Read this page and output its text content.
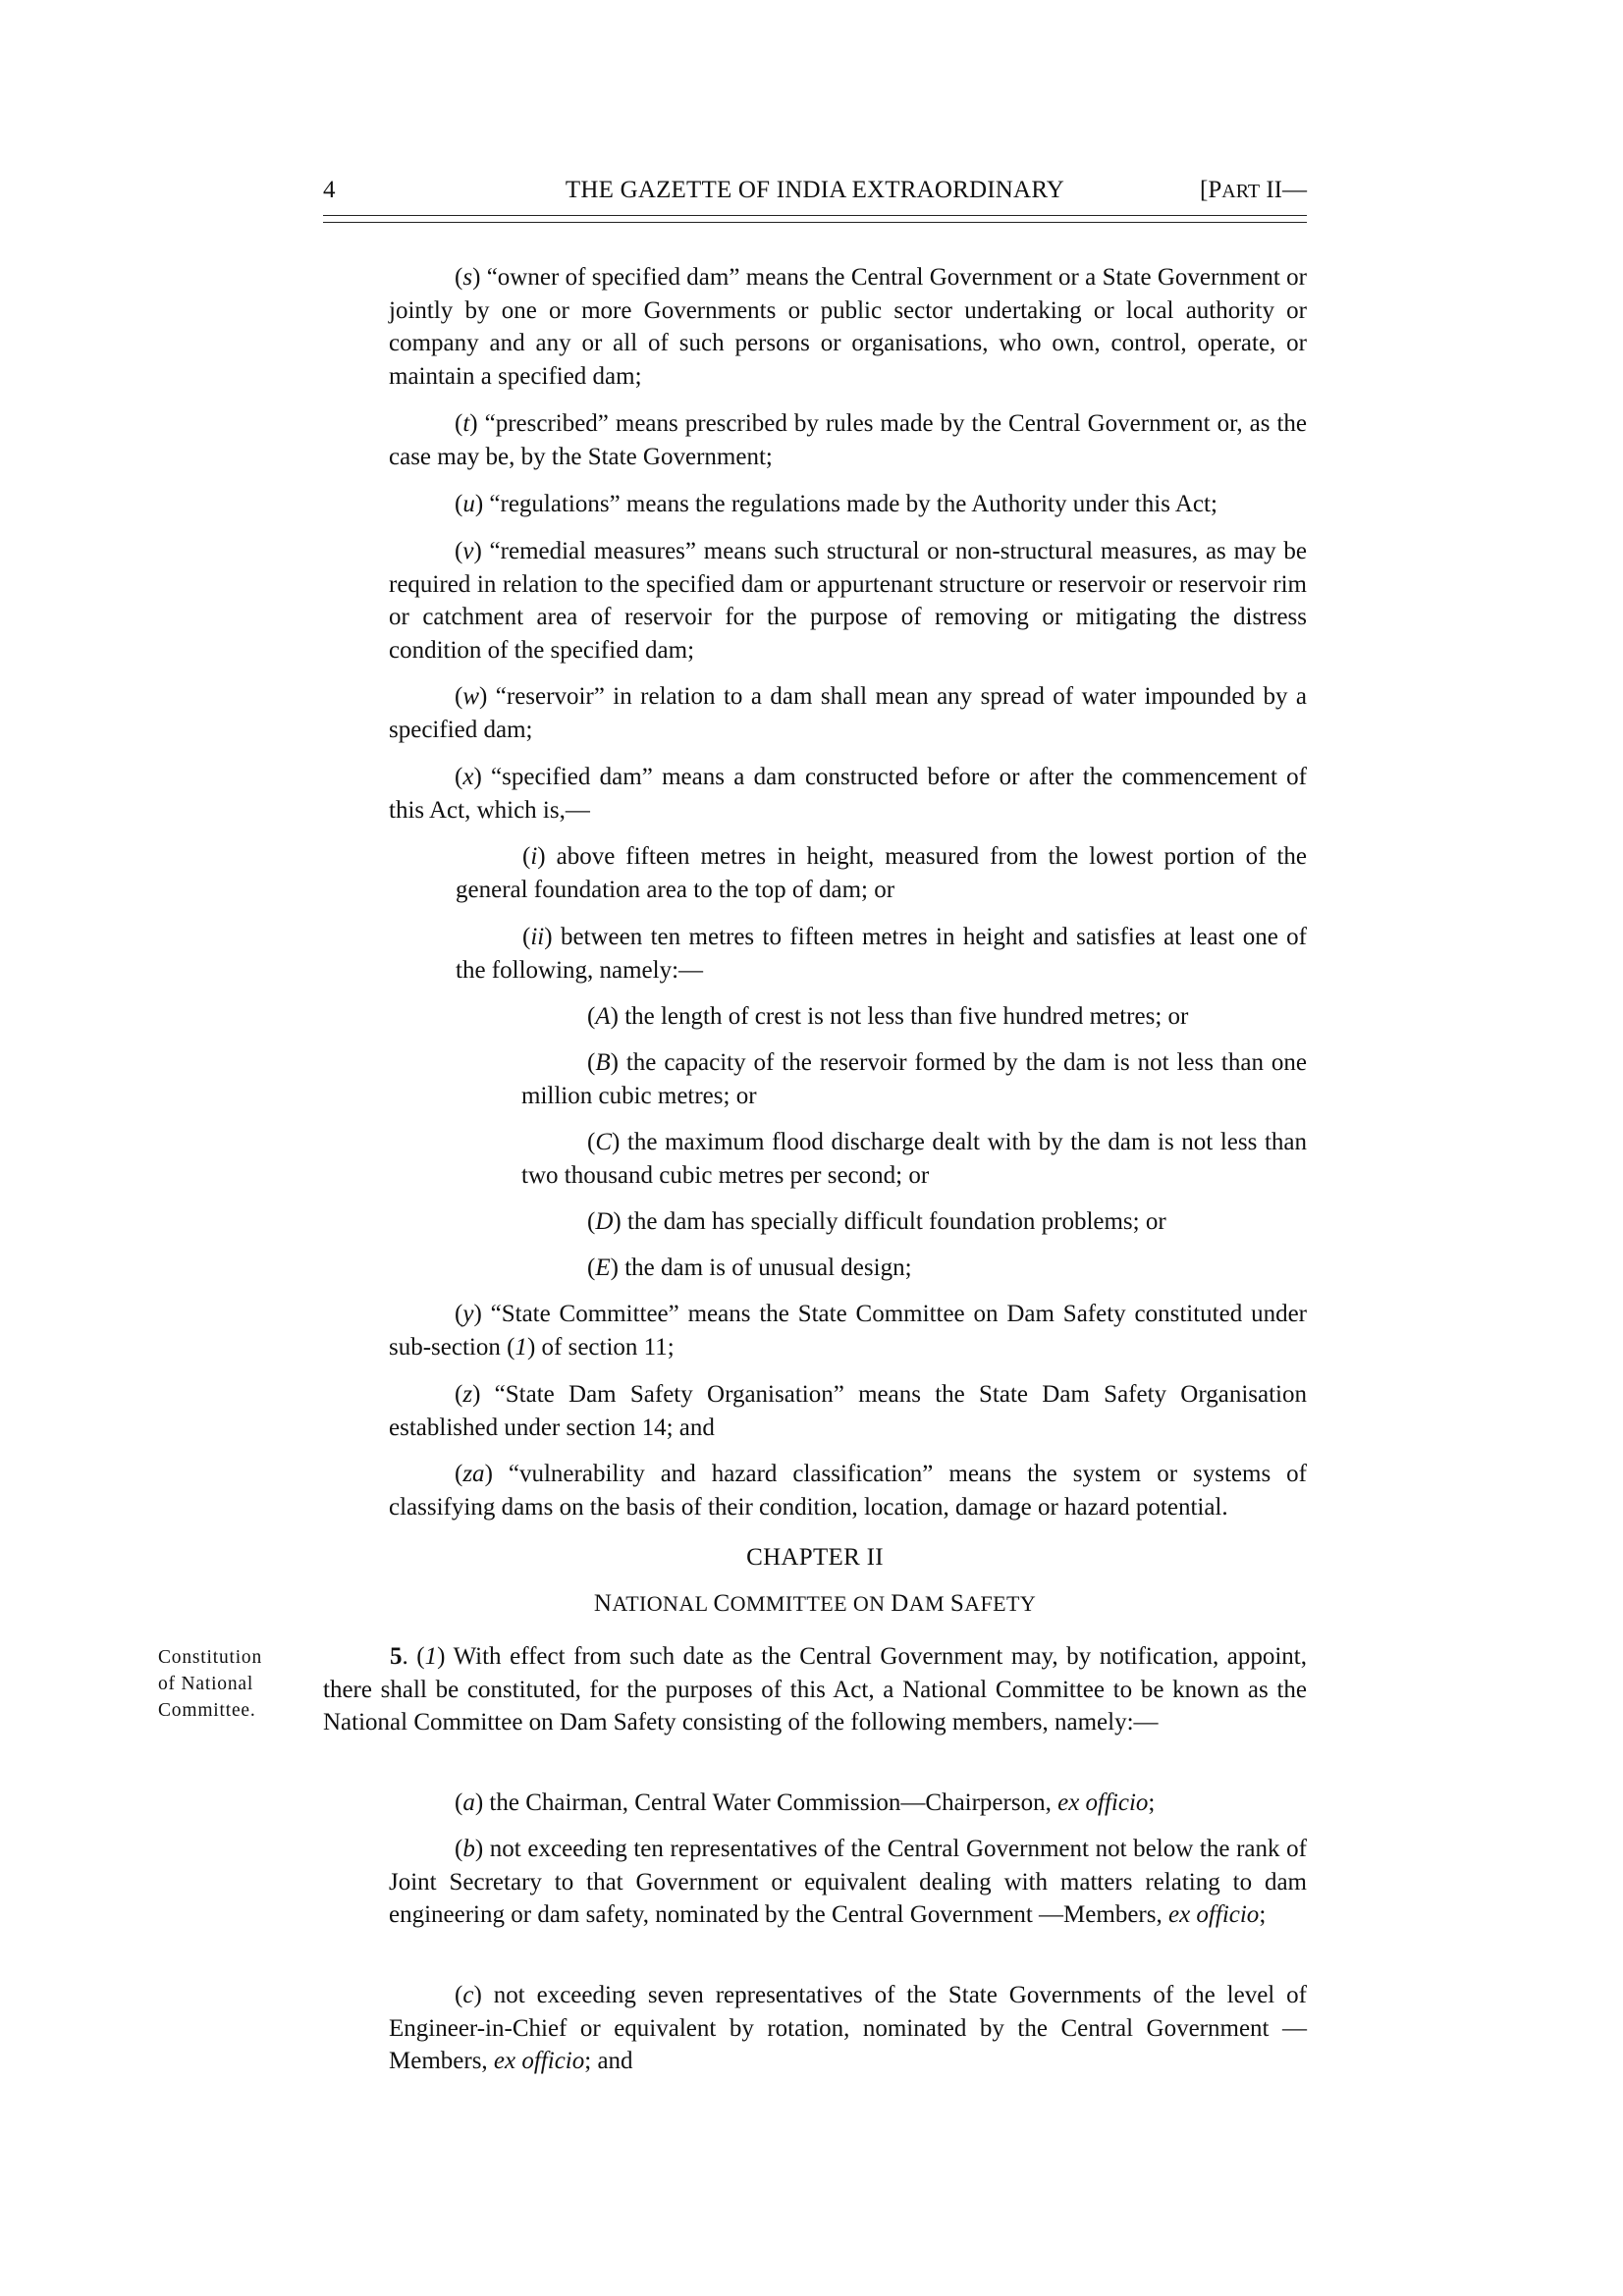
4	THE GAZETTE OF INDIA EXTRAORDINARY	[PART II—

(s) “owner of specified dam” means the Central Government or a State Government or jointly by one or more Governments or public sector undertaking or local authority or company and any or all of such persons or organisations, who own, control, operate, or maintain a specified dam;

(t) “prescribed” means prescribed by rules made by the Central Government or, as the case may be, by the State Government;

(u) “regulations” means the regulations made by the Authority under this Act;

(v) “remedial measures” means such structural or non-structural measures, as may be required in relation to the specified dam or appurtenant structure or reservoir or reservoir rim or catchment area of reservoir for the purpose of removing or mitigating the distress condition of the specified dam;

(w) “reservoir” in relation to a dam shall mean any spread of water impounded by a specified dam;

(x) “specified dam” means a dam constructed before or after the commencement of this Act, which is,—

(i) above fifteen metres in height, measured from the lowest portion of the general foundation area to the top of dam; or

(ii) between ten metres to fifteen metres in height and satisfies at least one of the following, namely:—

(A) the length of crest is not less than five hundred metres; or

(B) the capacity of the reservoir formed by the dam is not less than one million cubic metres; or

(C) the maximum flood discharge dealt with by the dam is not less than two thousand cubic metres per second; or

(D) the dam has specially difficult foundation problems; or

(E) the dam is of unusual design;

(y) “State Committee” means the State Committee on Dam Safety constituted under sub-section (1) of section 11;

(z) “State Dam Safety Organisation” means the State Dam Safety Organisation established under section 14; and

(za) “vulnerability and hazard classification” means the system or systems of classifying dams on the basis of their condition, location, damage or hazard potential.

CHAPTER II

NATIONAL COMMITTEE ON DAM SAFETY

Constitution
of National
Committee.

5. (1) With effect from such date as the Central Government may, by notification, appoint, there shall be constituted, for the purposes of this Act, a National Committee to be known as the National Committee on Dam Safety consisting of the following members, namely:—

(a) the Chairman, Central Water Commission—Chairperson, ex officio;

(b) not exceeding ten representatives of the Central Government not below the rank of Joint Secretary to that Government or equivalent dealing with matters relating to dam engineering or dam safety, nominated by the Central Government —Members, ex officio;

(c) not exceeding seven representatives of the State Governments of the level of Engineer-in-Chief or equivalent by rotation, nominated by the Central Government —Members, ex officio; and
